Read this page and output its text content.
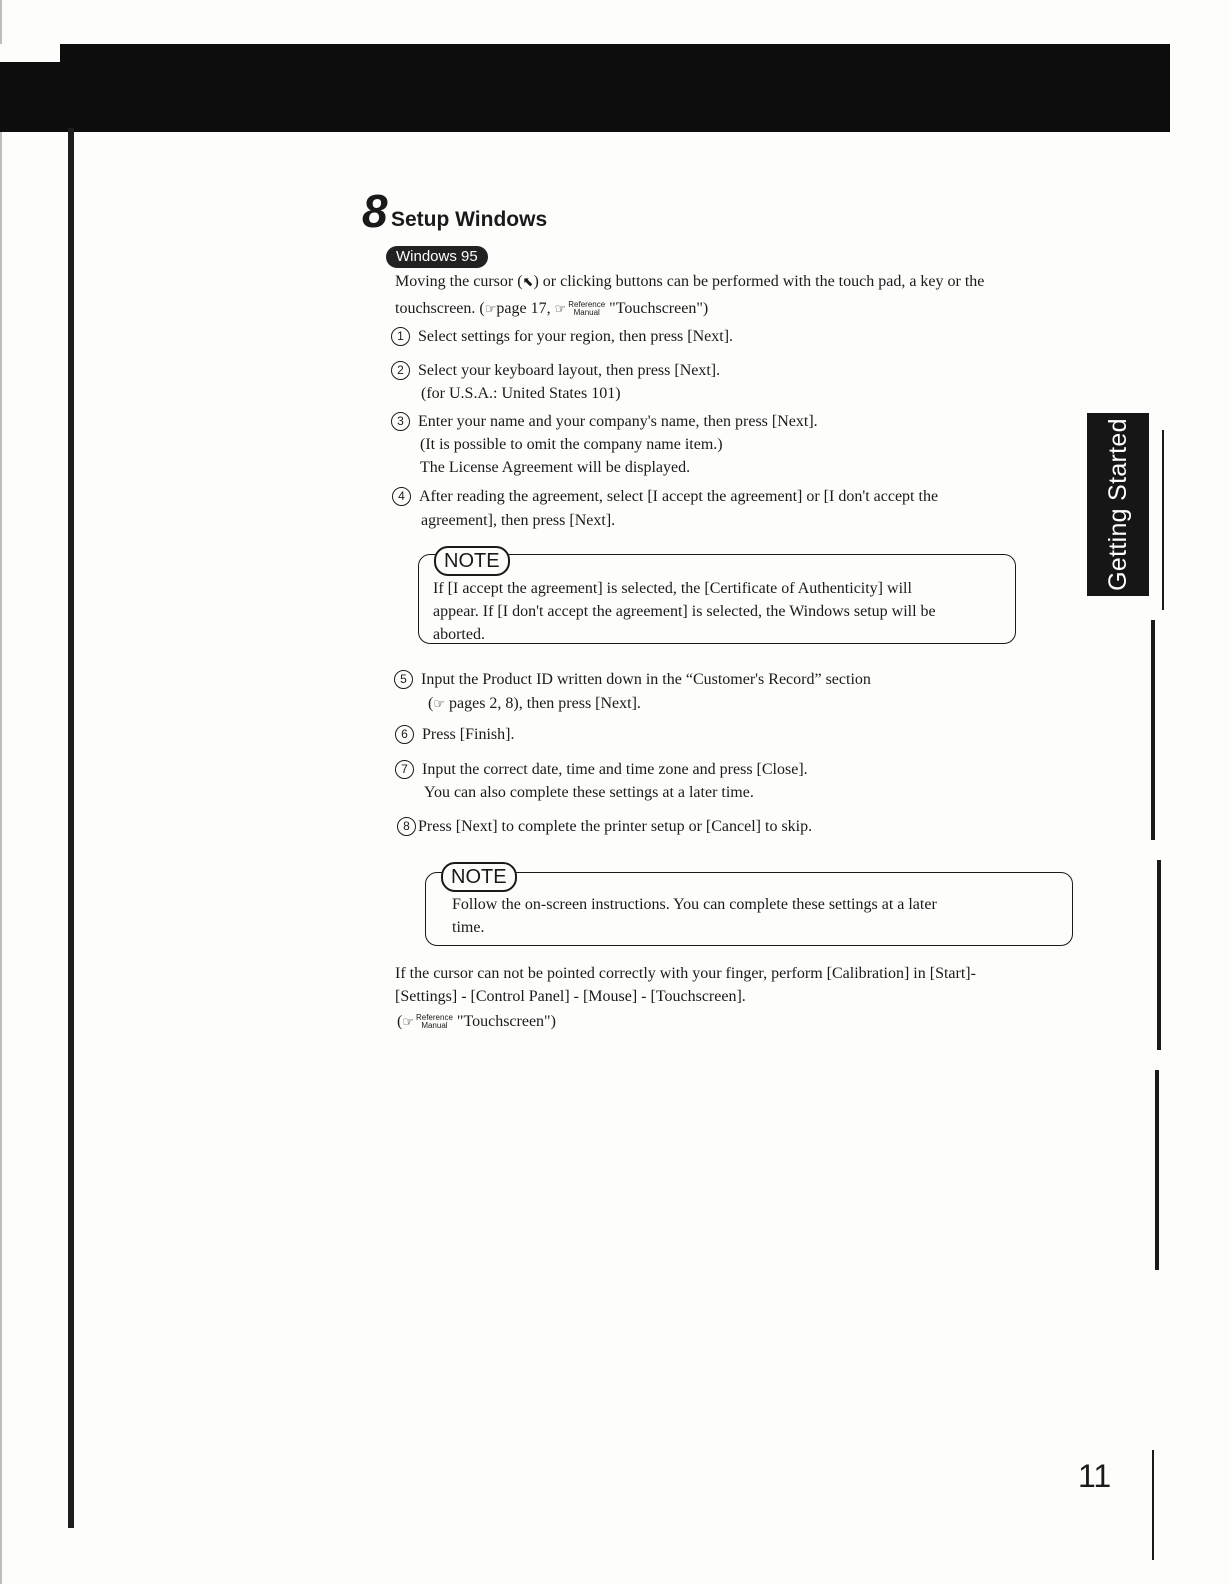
Getting Started
8 Setup Windows
Windows 95
Moving the cursor (⬉) or clicking buttons can be performed with the touch pad, a key or the
touchscreen. (☞page 17, ☞ Reference
Manual "Touchscreen")
1 Select settings for your region, then press [Next].
2 Select your keyboard layout, then press [Next].
(for U.S.A.: United States 101)
3 Enter your name and your company's name, then press [Next].
(It is possible to omit the company name item.)
The License Agreement will be displayed.
4 After reading the agreement, select [I accept the agreement] or [I don't accept the
agreement], then press [Next].
NOTE
If [I accept the agreement] is selected, the [Certificate of Authenticity] will
appear. If [I don't accept the agreement] is selected, the Windows setup will be
aborted.
5 Input the Product ID written down in the “Customer's Record” section
(☞ pages 2, 8), then press [Next].
6 Press [Finish].
7 Input the correct date, time and time zone and press [Close].
You can also complete these settings at a later time.
8 Press [Next] to complete the printer setup or [Cancel] to skip.
NOTE
Follow the on-screen instructions. You can complete these settings at a later
time.
If the cursor can not be pointed correctly with your finger, perform [Calibration] in [Start]-
[Settings] - [Control Panel] - [Mouse] - [Touchscreen].
(☞ Reference
Manual "Touchscreen")
11
